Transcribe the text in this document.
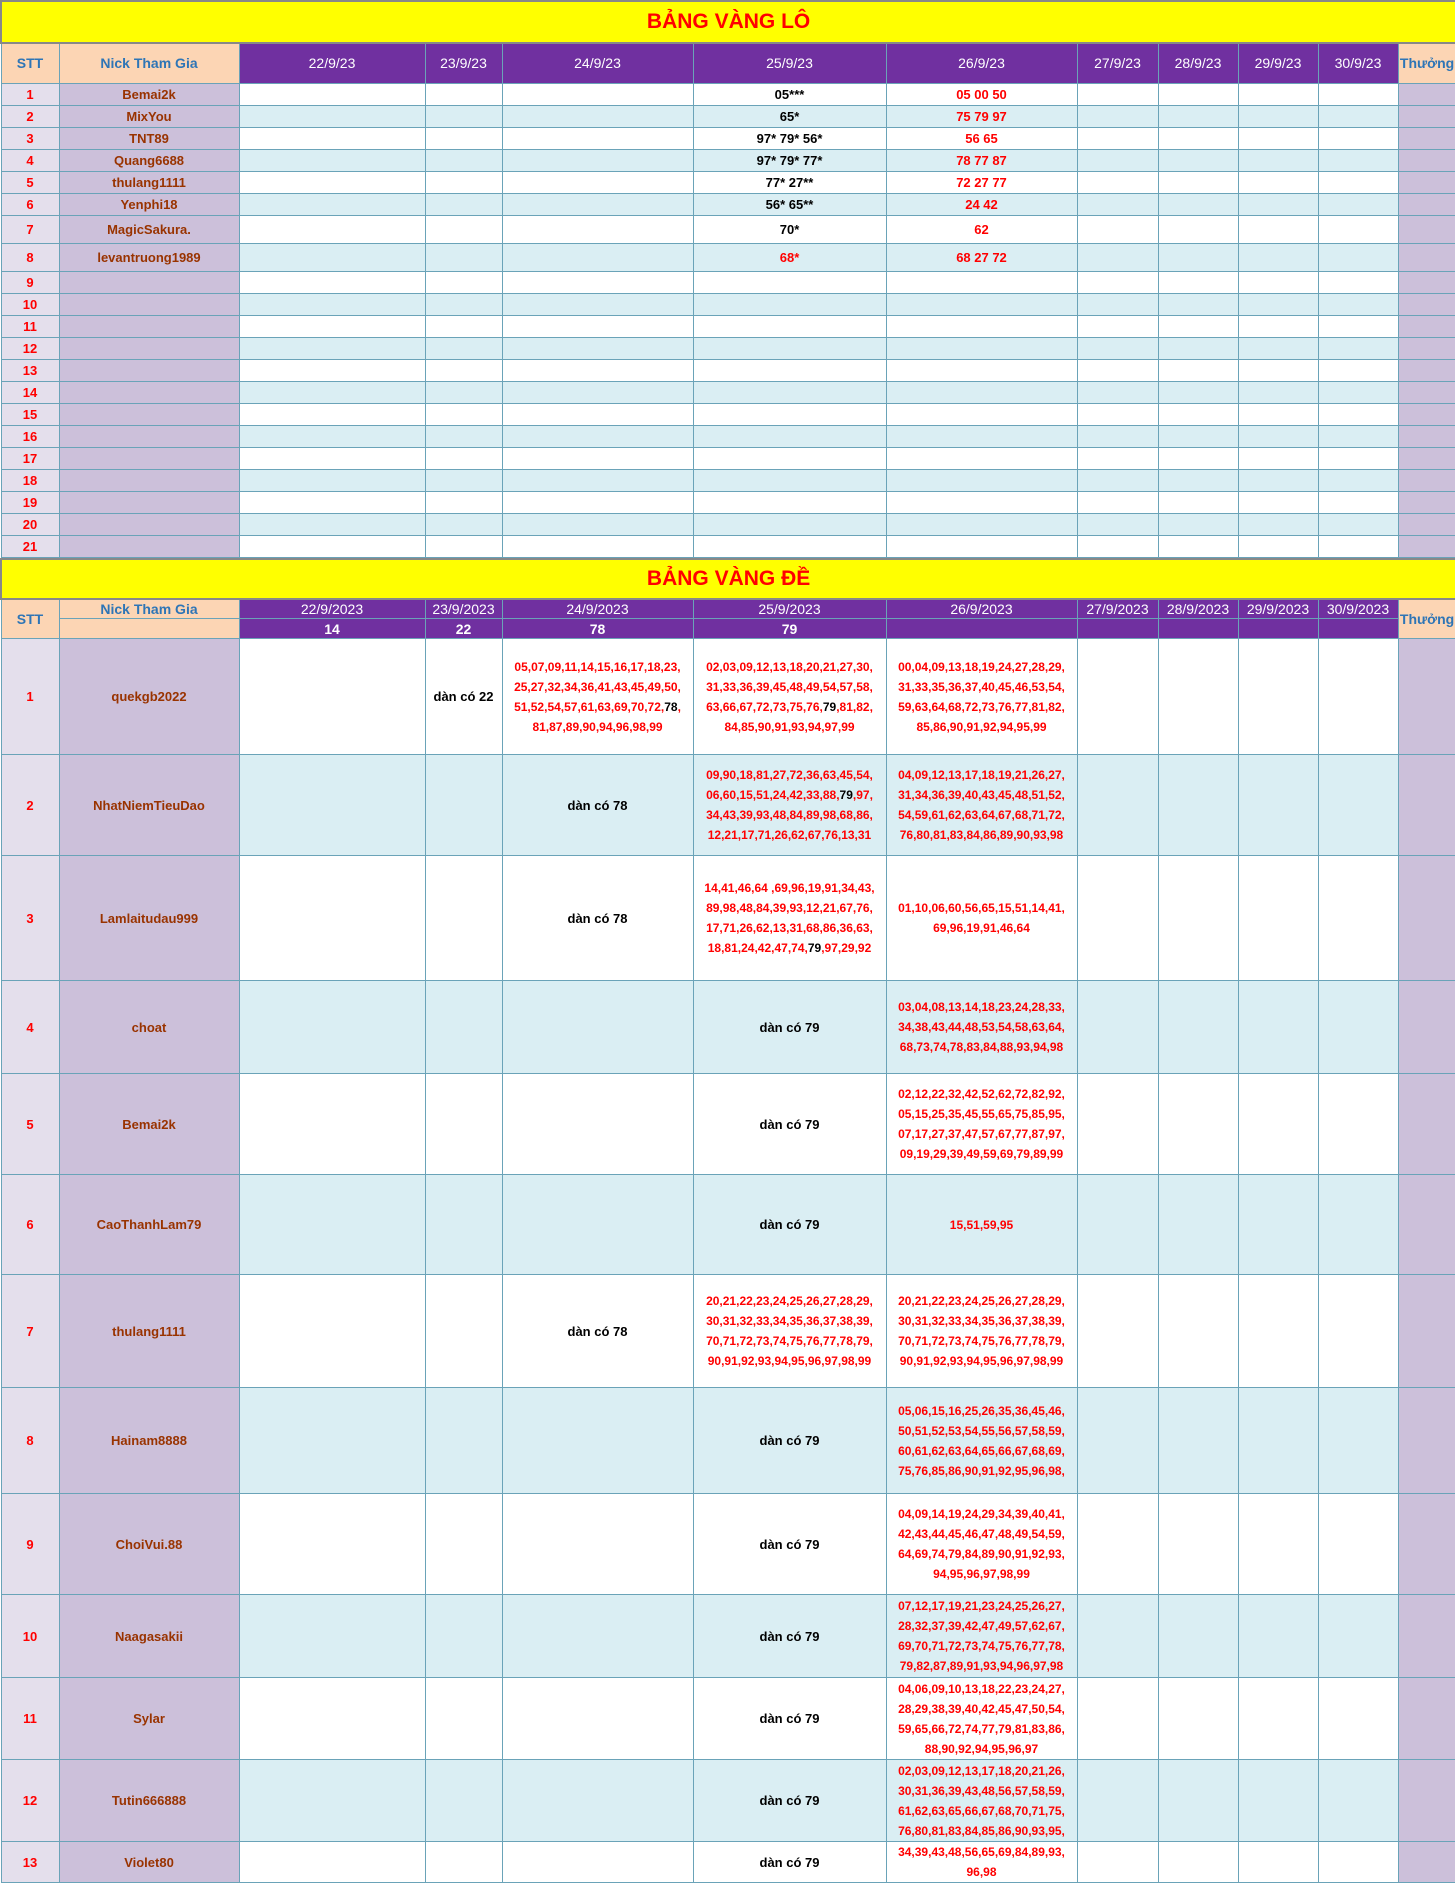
BẢNG VÀNG LÔ											
STT	Nick Tham Gia	22/9/23	23/9/23	24/9/23	25/9/23	26/9/23	27/9/23	28/9/23	29/9/23	30/9/23	Thưởng
1	Bemai2k				05***	05 00 50					
2	MixYou				65*	75 79 97					
3	TNT89				97* 79* 56*	56 65					
4	Quang6688				97* 79* 77*	78 77 87					
5	thulang1111				77* 27**	72 27 77					
6	Yenphi18				56* 65**	24 42					
7	MagicSakura.				70*	62					
8	levantruong1989				68*	68 27 72					
9											
10											
11											
12											
13											
14											
15											
16											
17											
18											
19											
20											
21											
BẢNG VÀNG ĐỀ											
STT	Nick Tham Gia	22/9/2023	23/9/2023	24/9/2023	25/9/2023	26/9/2023	27/9/2023	28/9/2023	29/9/2023	30/9/2023	Thưởng
		14	22	78	79						
1	quekgb2022		dàn có 22	05,07,09,11,14,15,16,17,18,23,
25,27,32,34,36,41,43,45,49,50,
51,52,54,57,61,63,69,70,72,78,
81,87,89,90,94,96,98,99	02,03,09,12,13,18,20,21,27,30,
31,33,36,39,45,48,49,54,57,58,
63,66,67,72,73,75,76,79,81,82,
84,85,90,91,93,94,97,99	00,04,09,13,18,19,24,27,28,29,
31,33,35,36,37,40,45,46,53,54,
59,63,64,68,72,73,76,77,81,82,
85,86,90,91,92,94,95,99					
2	NhatNiemTieuDao			dàn có 78	09,90,18,81,27,72,36,63,45,54,
06,60,15,51,24,42,33,88,79,97,
34,43,39,93,48,84,89,98,68,86,
12,21,17,71,26,62,67,76,13,31	04,09,12,13,17,18,19,21,26,27,
31,34,36,39,40,43,45,48,51,52,
54,59,61,62,63,64,67,68,71,72,
76,80,81,83,84,86,89,90,93,98					
3	Lamlaitudau999			dàn có 78	14,41,46,64 ,69,96,19,91,34,43,
89,98,48,84,39,93,12,21,67,76,
17,71,26,62,13,31,68,86,36,63,
18,81,24,42,47,74,79,97,29,92	01,10,06,60,56,65,15,51,14,41,
69,96,19,91,46,64					
4	choat				dàn có 79	03,04,08,13,14,18,23,24,28,33,
34,38,43,44,48,53,54,58,63,64,
68,73,74,78,83,84,88,93,94,98					
5	Bemai2k				dàn có 79	02,12,22,32,42,52,62,72,82,92,
05,15,25,35,45,55,65,75,85,95,
07,17,27,37,47,57,67,77,87,97,
09,19,29,39,49,59,69,79,89,99					
6	CaoThanhLam79				dàn có 79	15,51,59,95					
7	thulang1111			dàn có 78	20,21,22,23,24,25,26,27,28,29,
30,31,32,33,34,35,36,37,38,39,
70,71,72,73,74,75,76,77,78,79,
90,91,92,93,94,95,96,97,98,99	20,21,22,23,24,25,26,27,28,29,
30,31,32,33,34,35,36,37,38,39,
70,71,72,73,74,75,76,77,78,79,
90,91,92,93,94,95,96,97,98,99					
8	Hainam8888				dàn có 79	05,06,15,16,25,26,35,36,45,46,
50,51,52,53,54,55,56,57,58,59,
60,61,62,63,64,65,66,67,68,69,
75,76,85,86,90,91,92,95,96,98,					
9	ChoiVui.88				dàn có 79	04,09,14,19,24,29,34,39,40,41,
42,43,44,45,46,47,48,49,54,59,
64,69,74,79,84,89,90,91,92,93,
94,95,96,97,98,99					
10	Naagasakii				dàn có 79	07,12,17,19,21,23,24,25,26,27,
28,32,37,39,42,47,49,57,62,67,
69,70,71,72,73,74,75,76,77,78,
79,82,87,89,91,93,94,96,97,98					
11	Sylar				dàn có 79	04,06,09,10,13,18,22,23,24,27,
28,29,38,39,40,42,45,47,50,54,
59,65,66,72,74,77,79,81,83,86,
88,90,92,94,95,96,97					
12	Tutin666888				dàn có 79	02,03,09,12,13,17,18,20,21,26,
30,31,36,39,43,48,56,57,58,59,
61,62,63,65,66,67,68,70,71,75,
76,80,81,83,84,85,86,90,93,95,					
13	Violet80				dàn có 79	34,39,43,48,56,65,69,84,89,93,
96,98					
